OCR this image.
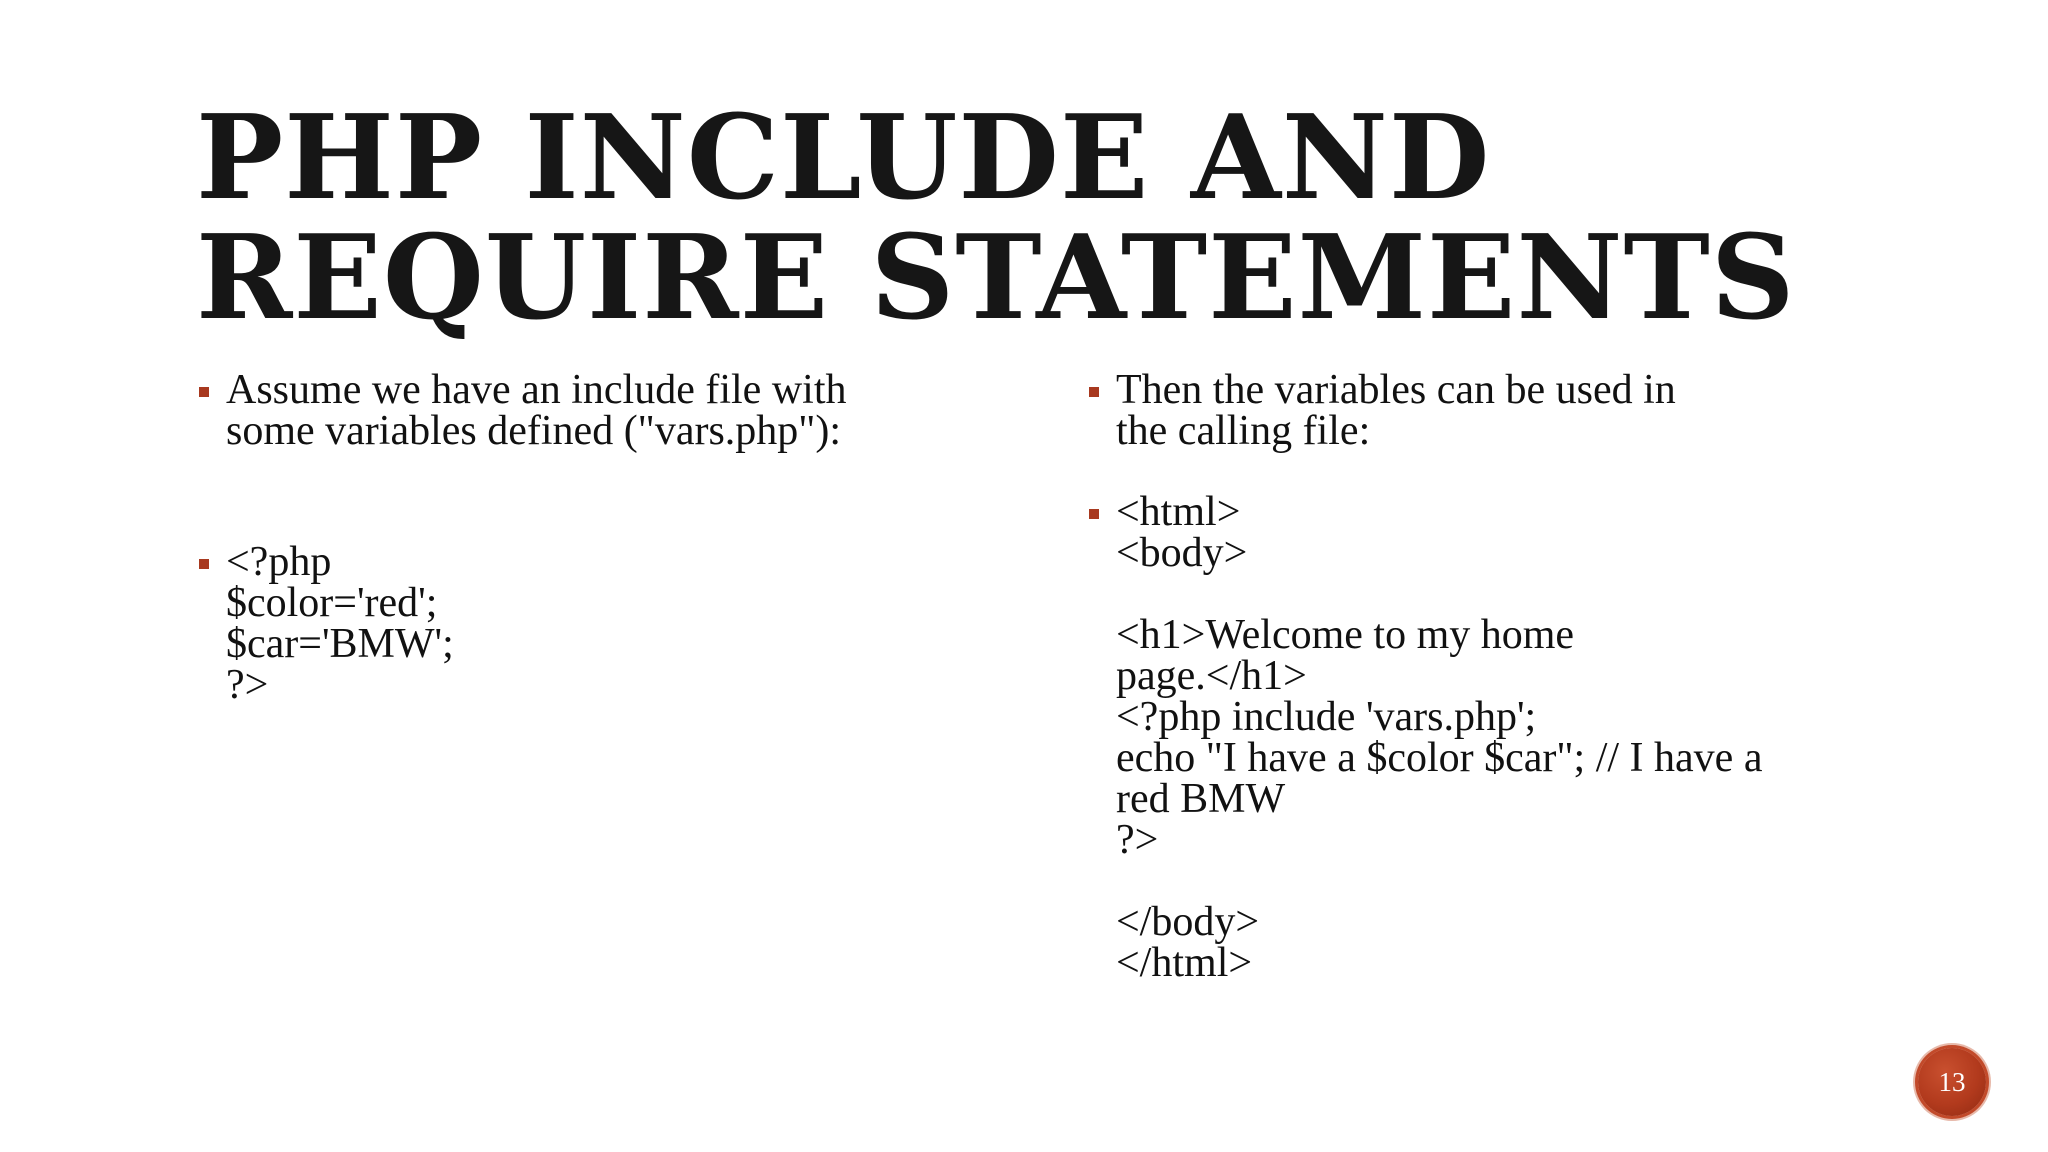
PHP INCLUDE AND
REQUIRE STATEMENTS
Assume we have an include file with
some variables defined ("vars.php"):
<?php
$color='red';
$car='BMW';
?>
Then the variables can be used in
the calling file:
<html>
<body>
<h1>Welcome to my home
page.</h1>
<?php include 'vars.php';
echo "I have a $color $car"; // I have a
red BMW
?>
</body>
</html>
13
